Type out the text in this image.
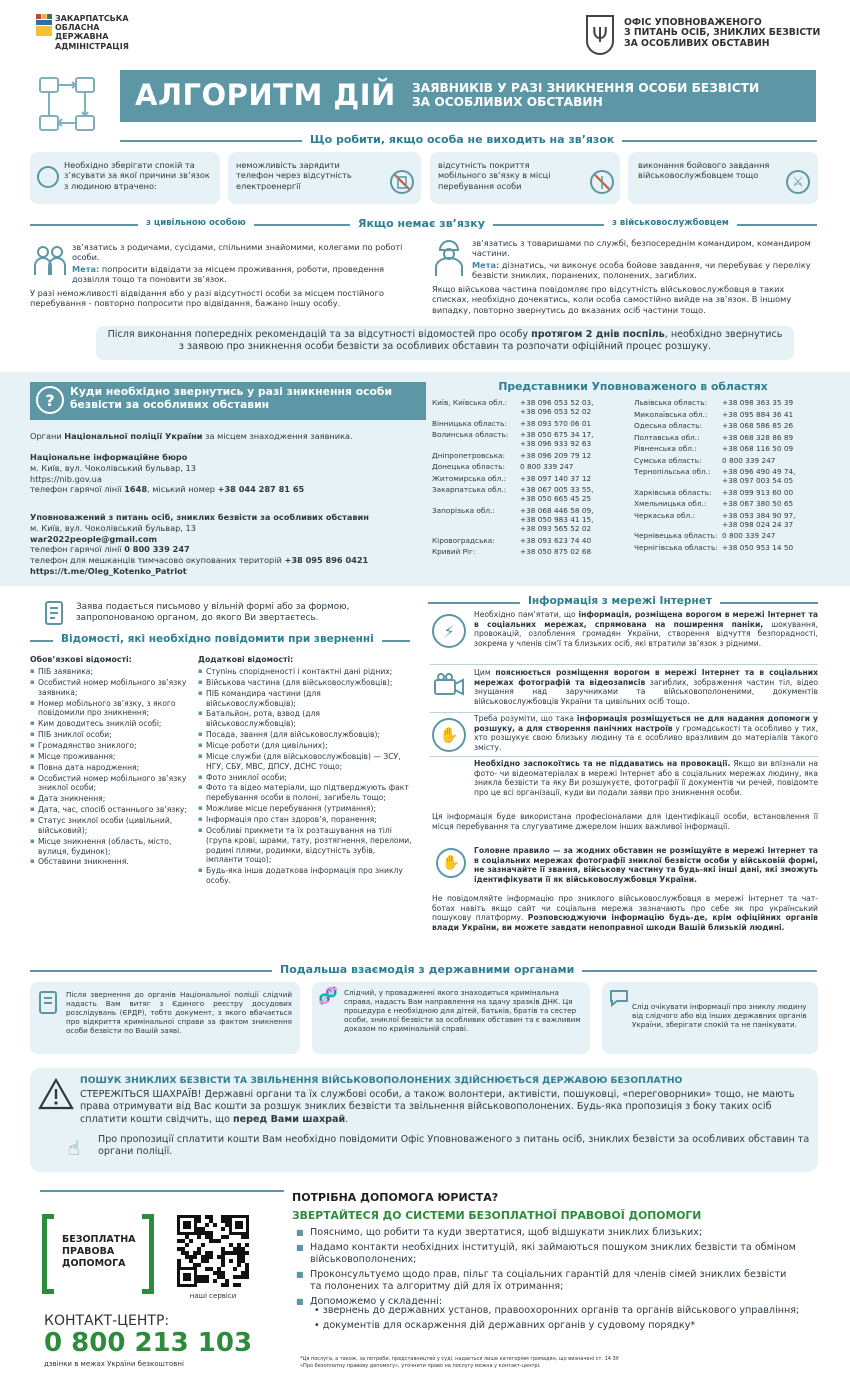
ЗАКАРПАТСЬКА
ОБЛАСНА
ДЕРЖАВНА
АДМІНІСТРАЦІЯ	Ψ
ОФІС УПОВНОВАЖЕНОГО
З ПИТАНЬ ОСІБ, ЗНИКЛИХ БЕЗВІСТИ
ЗА ОСОБЛИВИХ ОБСТАВИН
АЛГОРИТМ ДІЙ ЗАЯВНИКІВ У РАЗІ ЗНИКНЕННЯ ОСОБИ БЕЗВІСТИ
ЗА ОСОБЛИВИХ ОБСТАВИН
Що робити, якщо особа не виходить на зв’язок
Необхідно зберігати спокій та з’ясувати за якої причини зв’язок з людиною втрачено:
неможливість зарядити телефон через відсутність електроенергії
відсутність покриття мобільного зв’язку в місці перебування особи
виконання бойового завдання військовослужбовцем тощо	⚔
з цивільною особою	Якщо немає зв’язку	з військовослужбовцем
зв’язатись з родичами, сусідами, спільними знайомими, колегами по роботі особи.
Мета: попросити відвідати за місцем проживання, роботи, проведення дозвілля тощо та поновити зв’язок.
У разі неможливості відвідання або у разі відсутності особи за місцем постійного перебування - повторно попросити про відвідання, бажано іншу особу.
зв’язатись з товаришами по службі, безпосереднім командиром, командиром частини.
Мета: дізнатись, чи виконує особа бойове завдання, чи перебуває у переліку безвісти зниклих, поранених, полонених, загиблих.
Якщо військова частина повідомляє про відсутність військовослужбовця в таких списках, необхідно дочекатись, коли особа самостійно вийде на зв’язок. В іншому випадку, повторно звернутись до вказаних осіб частини тощо.
Після виконання попередніх рекомендацій та за відсутності відомостей про особу протягом 2 днів поспіль, необхідно звернутись з заявою про зникнення особи безвісти за особливих обставин та розпочати офіційний процес розшуку.
?	Куди необхідно звернутись у разі зникнення особи безвісти за особливих обставин
Органи Національної поліції України за місцем знаходження заявника.
Національне інформаційне бюро
м. Київ, вул. Чоколівський бульвар, 13
https://nib.gov.ua
телефон гарячої лінії 1648, міський номер +38 044 287 81 65
Уповноважений з питань осіб, зниклих безвісти за особливих обставин
м. Київ, вул. Чоколівський бульвар, 13
war2022people@gmail.com
телефон гарячої лінії 0 800 339 247
телефон для мешканців тимчасово окупованих територій +38 095 896 0421
https://t.me/Oleg_Kotenko_Patriot
Представники Уповноваженого в областях
Київ, Київська обл.:	+38 096 053 52 03,
+38 096 053 52 02
Вінницька область:	+38 093 570 06 01
Волинська область:	+38 050 675 34 17,
+38 096 933 92 63
Дніпропетровська:	+38 096 209 79 12
Донецька область:	0 800 339 247
Житомирська обл.:	+38 097 140 37 12
Закарпатська обл.:	+38 067 005 33 55,
+38 050 665 45 25
Запорізька обл.:	+38 068 446 58 09,
+38 050 983 41 15,
+38 093 565 52 02
Кіровоградська:	+38 093 623 74 40
Кривий Ріг:	+38 050 875 02 68
Львівська область:	+38 098 363 35 39
Миколаївська обл.:	+38 095 884 36 41
Одеська область:	+38 068 586 85 26
Полтавська обл.:	+38 068 328 86 89
Рівненська обл.:	+38 068 116 50 09
Сумська область:	0 800 339 247
Тернопільська обл.:	+38 096 490 49 74,
+38 097 003 54 05
Харківська область:	+38 099 913 60 00
Хмельницька обл.:	+38 067 380 50 65
Черкаська обл.:	+38 093 384 90 97,
+38 098 024 24 37
Чернівецька область: 0 800 339 247
Чернігівська область: +38 050 953 14 50
Заява подається письмово у вільній формі або за формою, запропонованою органом, до якого Ви звертаєтесь.
Відомості, які необхідно повідомити при зверненні
Обов’язкові відомості:
▪ ПІБ заявника;
▪ Особистий номер мобільного зв’язку заявника;
▪ Номер мобільного зв’язку, з якого повідомили про зникнення;
▪ Ким доводитесь зниклій особі;
▪ ПІБ зниклої особи;
▪ Громадянство зниклого;
▪ Місце проживання;
▪ Повна дата народження;
▪ Особистий номер мобільного зв’язку зниклої особи;
▪ Дата зникнення;
▪ Дата, час, спосіб останнього зв’язку;
▪ Статус зниклої особи (цивільний, військовий);
▪ Місце зникнення (область, місто, вулиця, будинок);
▪ Обставини зникнення.
Додаткові відомості:
▪ Ступінь спорідненості і контактні дані рідних;
▪ Військова частина (для військовослужбовців);
▪ ПІБ командира частини (для військовослужбовців);
▪ Батальйон, рота, взвод (для військовослужбовців);
▪ Посада, звання (для військовослужбовців);
▪ Місце роботи (для цивільних);
▪ Місце служби (для військовослужбовців) — ЗСУ, НГУ, СБУ, МВС, ДПСУ, ДСНС тощо;
▪ Фото зниклої особи;
▪ Фото та відео матеріали, що підтверджують факт перебування особи в полоні, загибель тощо;
▪ Можливе місце перебування (утримання);
▪ Інформація про стан здоров’я, поранення;
▪ Особливі прикмети та їх розташування на тілі (група крові, шрами, тату, розтягнення, переломи, родимі плями, родимки, відсутність зубів, імпланти тощо);
▪ Будь-яка інша додаткова інформація про зниклу особу.
Інформація з мережі Інтернет
⚡
Необхідно пам’ятати, що інформація, розміщена ворогом в мережі Інтернет та в соціальних мережах, спрямована на поширення паніки, шокування, провокацій, озлоблення громадян України, створення відчуття безпорадності, зокрема у членів сім’ї та близьких осіб, які втратили зв’язок з рідними.
Цим пояснюється розміщення ворогом в мережі Інтернет та в соціальних мережах фотографій та відеозаписів загиблих, зображення частин тіл, відео знущання над заручниками та військовополоненими, документів військовослужбовців України та цивільних осіб тощо.
✋
Треба розуміти, що така інформація розміщується не для надання допомоги у розшуку, а для створення панічних настроїв у громадськості та особливо у тих, хто розшукує свою близьку людину та є особливо вразливим до матеріалів такого змісту.
Необхідно заспокоїтись та не піддаватись на провокації. Якщо ви впізнали на фото- чи відеоматеріалах в мережі Інтернет або в соціальних мережах людину, яка зникла безвісти та яку Ви розшукуєте, фотографії її документів чи речей, повідомте про це всі організації, куди ви подали заяви про зникнення особи.
Ця інформація буде використана професіоналами для ідентифікації особи, встановлення її місця перебування та слугуватиме джерелом інших важливої інформації.
✋
Головне правило — за жодних обставин не розміщуйте в мережі Інтернет та в соціальних мережах фотографії зниклої безвісти особи у військовій формі, не зазначайте її звання, військову частину та будь-які інші дані, які зможуть ідентифікувати її як військовослужбовця України.
Не повідомляйте інформацію про зниклого військовослужбовця в мережі Інтернет та чат-ботах навіть якщо сайт чи соціальна мережа зазначають про себе як про український пошукову платформу. Розповсюджуючи інформацію будь-де, крім офіційних органів влади України, ви можете завдати непоправної шкоди Вашій близькій людині.
Подальша взаємодія з державними органами
Після звернення до органів Національної поліції слідчий надасть Вам витяг з Єдиного реєстру досудових розслідувань (ЄРДР), тобто документ, з якого вбачається про відкриття кримінальної справи за фактом зникнення особи безвісти по Вашій заяві.
🧬 Слідчий, у провадженні якого знаходиться кримінальна справа, надасть Вам направлення на здачу зразків ДНК. Ця процедура є необхідною для дітей, батьків, братів та сестер особи, зниклої безвісти за особливих обставин та є важливим доказом по кримінальній справі.
Слід очікувати інформації про зниклу людину від слідчого або від інших державних органів України, зберігати спокій та не панікувати.
ПОШУК ЗНИКЛИХ БЕЗВІСТИ ТА ЗВІЛЬНЕННЯ ВІЙСЬКОВОПОЛОНЕНИХ ЗДІЙСНЮЄТЬСЯ ДЕРЖАВОЮ БЕЗОПЛАТНО
СТЕРЕЖІТЬСЯ ШАХРАЇВ! Державні органи та їх службові особи, а також волонтери, активісти, пошуковці, «переговорники» тощо, не мають права отримувати від Вас кошти за розшук зниклих безвісти та звільнення військовополонених. Будь-яка пропозиція з боку таких осіб сплатити кошти свідчить, що перед Вами шахрай.
☝	Про пропозиції сплатити кошти Вам необхідно повідомити Офіс Уповноваженого з питань осіб, зниклих безвісти за особливих обставин та органи поліції.
БЕЗОПЛАТНА
ПРАВОВА
ДОПОМОГА
наші сервіси
КОНТАКТ-ЦЕНТР:
0 800 213 103
дзвінки в межах України безкоштовні
ПОТРІБНА ДОПОМОГА ЮРИСТА?
ЗВЕРТАЙТЕСЯ ДО СИСТЕМИ БЕЗОПЛАТНОЇ ПРАВОВОЇ ДОПОМОГИ
■ Пояснимо, що робити та куди звертатися, щоб відшукати зниклих близьких;
■ Надамо контакти необхідних інституцій, які займаються пошуком зниклих безвісти та обміном військовополонених;
■ Проконсультуємо щодо прав, пільг та соціальних гарантій для членів сімей зниклих безвісти та полонених та алгоритму дій для їх отримання;
■ Допоможемо у складенні:
• звернень до державних установ, правоохоронних органів та органів військового управління;
• документів для оскарження дій державних органів у судовому порядку*
*Ця послуга, а також, за потреби, представництво у суді, надається лише категоріям громадян, що визначені ст. 14 ЗУ «Про безоплатну правову допомогу», уточнити право на послугу можна у контакт-центрі.
